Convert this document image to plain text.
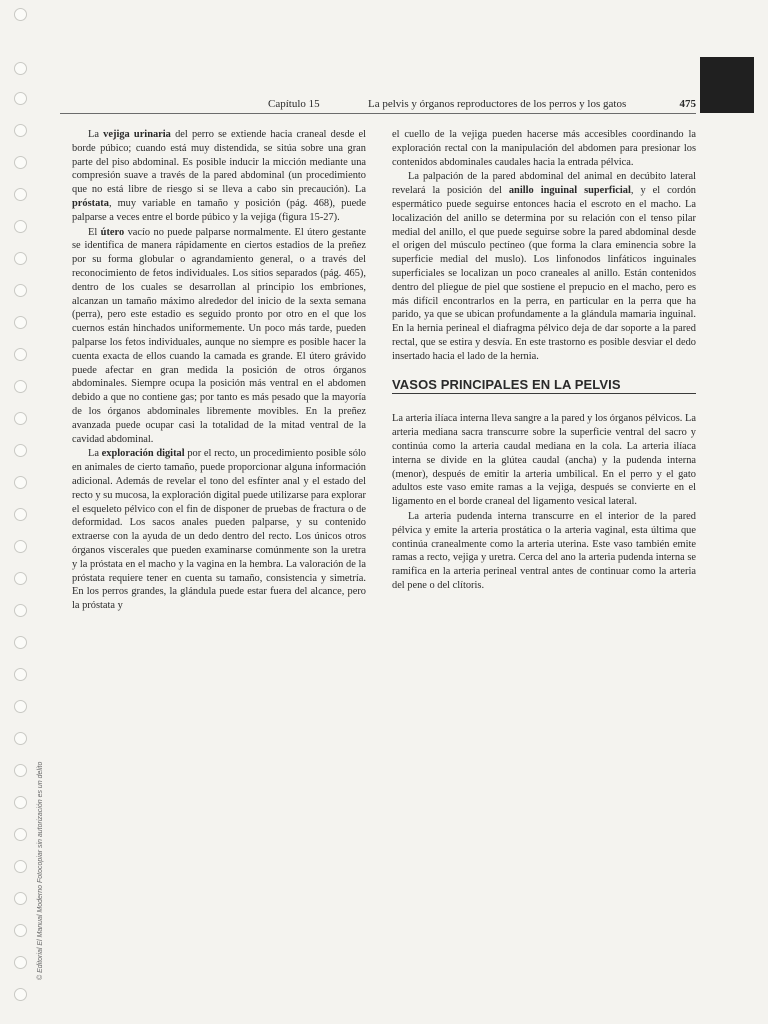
Capítulo 15	La pelvis y órganos reproductores de los perros y los gatos	475

La vejiga urinaria del perro se extiende hacia craneal desde el borde púbico; cuando está muy distendida, se sitúa sobre una gran parte del piso abdominal. Es posible inducir la micción mediante una compresión suave a través de la pared abdominal (un procedimiento que no está libre de riesgo si se lleva a cabo sin precaución). La próstata, muy variable en tamaño y posición (pág. 468), puede palparse a veces entre el borde púbico y la vejiga (figura 15-27).

El útero vacío no puede palparse normalmente. El útero gestante se identifica de manera rápidamente en ciertos estadios de la preñez por su forma globular o agrandamiento general, o a través del reconocimiento de fetos individuales. Los sitios separados (pág. 465), dentro de los cuales se desarrollan al principio los embriones, alcanzan un tamaño máximo alrededor del inicio de la sexta semana (perra), pero este estadio es seguido pronto por otro en el que los cuernos están hinchados uniformemente. Un poco más tarde, pueden palparse los fetos individuales, aunque no siempre es posible hacer la cuenta exacta de ellos cuando la camada es grande. El útero grávido puede afectar en gran medida la posición de otros órganos abdominales. Siempre ocupa la posición más ventral en el abdomen debido a que no contiene gas; por tanto es más pesado que la mayoría de los órganos abdominales libremente movibles. En la preñez avanzada puede ocupar casi la totalidad de la mitad ventral de la cavidad abdominal.

La exploración digital por el recto, un procedimiento posible sólo en animales de cierto tamaño, puede proporcionar alguna información adicional. Además de revelar el tono del esfínter anal y el estado del recto y su mucosa, la exploración digital puede utilizarse para explorar el esqueleto pélvico con el fin de disponer de pruebas de fractura o de deformidad. Los sacos anales pueden palparse, y su contenido extraerse con la ayuda de un dedo dentro del recto. Los únicos otros órganos viscerales que pueden examinarse comúnmente son la uretra y la próstata en el macho y la vagina en la hembra. La valoración de la próstata requiere tener en cuenta su tamaño, consistencia y simetría. En los perros grandes, la glándula puede estar fuera del alcance, pero la próstata y

el cuello de la vejiga pueden hacerse más accesibles coordinando la exploración rectal con la manipulación del abdomen para presionar los contenidos abdominales caudales hacia la entrada pélvica.

La palpación de la pared abdominal del animal en decúbito lateral revelará la posición del anillo inguinal superficial, y el cordón espermático puede seguirse entonces hacia el escroto en el macho. La localización del anillo se determina por su relación con el tenso pilar medial del anillo, el que puede seguirse sobre la pared abdominal desde el origen del músculo pectíneo (que forma la clara eminencia sobre la superficie medial del muslo). Los linfonodos linfáticos inguinales superficiales se localizan un poco craneales al anillo. Están contenidos dentro del pliegue de piel que sostiene el prepucio en el macho, pero es más difícil encontrarlos en la perra, en particular en la perra que ha parido, ya que se ubican profundamente a la glándula mamaria inguinal. En la hernia perineal el diafragma pélvico deja de dar soporte a la pared rectal, que se estira y desvía. En este trastorno es posible desviar el dedo insertado hacia el lado de la hernia.

VASOS PRINCIPALES EN LA PELVIS

La arteria ilíaca interna lleva sangre a la pared y los órganos pélvicos. La arteria mediana sacra transcurre sobre la superficie ventral del sacro y continúa como la arteria caudal mediana en la cola. La arteria ilíaca interna se divide en la glútea caudal (ancha) y la pudenda interna (menor), después de emitir la arteria umbilical. En el perro y el gato adultos este vaso emite ramas a la vejiga, después se convierte en el ligamento en el borde craneal del ligamento vesical lateral.

La arteria pudenda interna transcurre en el interior de la pared pélvica y emite la arteria prostática o la arteria vaginal, esta última que continúa cranealmente como la arteria uterina. Este vaso también emite ramas a recto, vejiga y uretra. Cerca del ano la arteria pudenda interna se ramifica en la arteria perineal ventral antes de continuar como la arteria del pene o del clítoris.

© Editorial El Manual Moderno Fotocopiar sin autorización es un delito
